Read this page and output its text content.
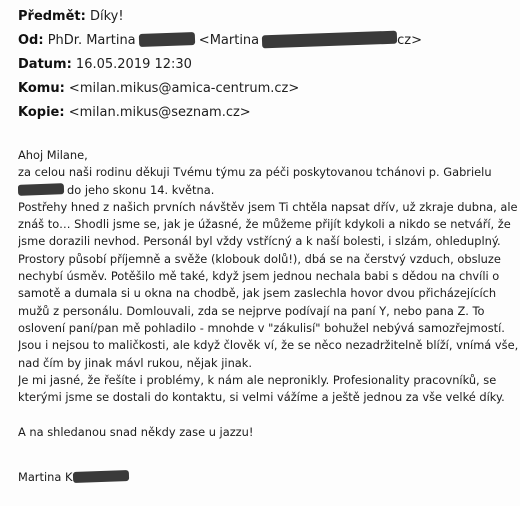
Předmět: Díky!
Od: PhDr. Martina	<Martina	cz>
Datum: 16.05.2019 12:30
Komu: <milan.mikus@amica-centrum.cz>
Kopie: <milan.mikus@seznam.cz>
Ahoj Milane,
za celou naši rodinu děkuji Tvému týmu za péči poskytovanou tchánovi p. Gabrielu
do jeho skonu 14. května.
Postřehy hned z našich prvních návštěv jsem Ti chtěla napsat dřív, už zkraje dubna, ale
znáš to… Shodli jsme se, jak je úžasné, že můžeme přijít kdykoli a nikdo se netváří, že
jsme dorazili nevhod. Personál byl vždy vstřícný a k naší bolesti, i slzám, ohleduplný.
Prostory působí příjemně a svěže (klobouk dolů!), dbá se na čerstvý vzduch, obsluze
nechybí úsměv. Potěšilo mě také, když jsem jednou nechala babi s dědou na chvíli o
samotě a dumala si u okna na chodbě, jak jsem zaslechla hovor dvou přicházejících
mužů z personálu. Domlouvali, zda se nejprve podívají na paní Y, nebo pana Z. To
oslovení paní/pan mě pohladilo - mnohde v "zákulisí" bohužel nebývá samozřejmostí.
Jsou i nejsou to maličkosti, ale když člověk ví, že se něco nezadržitelně blíží, vnímá vše,
nad čím by jinak mávl rukou, nějak jinak.
Je mi jasné, že řešíte i problémy, k nám ale nepronikly. Profesionality pracovníků, se
kterými jsme se dostali do kontaktu, si velmi vážíme a ještě jednou za vše velké díky.
A na shledanou snad někdy zase u jazzu!
Martina K
